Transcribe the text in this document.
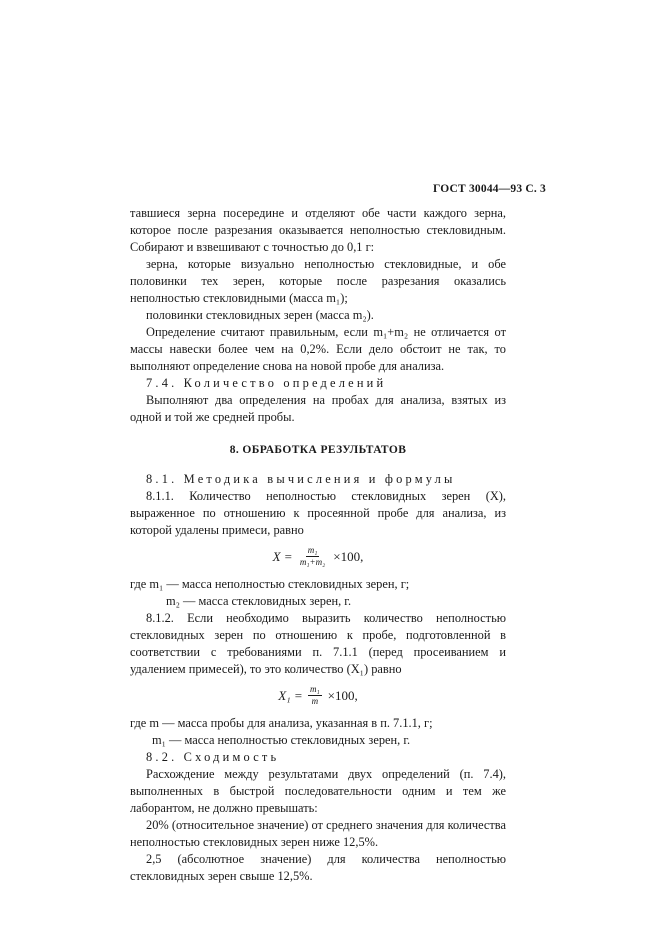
ГОСТ 30044—93 С. 3

тавшиеся зерна посередине и отделяют обе части каждого зерна, которое после разрезания оказывается неполностью стекловидным. Собирают и взвешивают с точностью до 0,1 г:

зерна, которые визуально неполностью стекловидные, и обе половинки тех зерен, которые после разрезания оказались неполностью стекловидными (масса m₁);

половинки стекловидных зерен (масса m₂).

Определение считают правильным, если m₁+m₂ не отличается от массы навески более чем на 0,2%. Если дело обстоит не так, то выполняют определение снова на новой пробе для анализа.

7.4. Количество определений

Выполняют два определения на пробах для анализа, взятых из одной и той же средней пробы.

8. ОБРАБОТКА РЕЗУЛЬТАТОВ

8.1. Методика вычисления и формулы

8.1.1. Количество неполностью стекловидных зерен (X), выраженное по отношению к просеянной пробе для анализа, из которой удалены примеси, равно

$X = \frac{\text{m₁}}{\text{m₁+m₂}} \times 100$,

где m₁ — масса неполностью стекловидных зерен, г;

m₂ — масса стекловидных зерен, г.

8.1.2. Если необходимо выразить количество неполностью стекловидных зерен по отношению к пробе, подготовленной в соответствии с требованиями п. 7.1.1 (перед просеиванием и удалением примесей), то это количество (X₁) равно

$X_1 = \frac{\text{m₁}}{m} \times 100$,

где m — масса пробы для анализа, указанная в п. 7.1.1, г;

m₁ — масса неполностью стекловидных зерен, г.

8.2. Сходимость

Расхождение между результатами двух определений (п. 7.4), выполненных в быстрой последовательности одним и тем же лаборантом, не должно превышать:

20% (относительное значение) от среднего значения для количества неполностью стекловидных зерен ниже 12,5%.

2,5 (абсолютное значение) для количества неполностью стекловидных зерен свыше 12,5%.
